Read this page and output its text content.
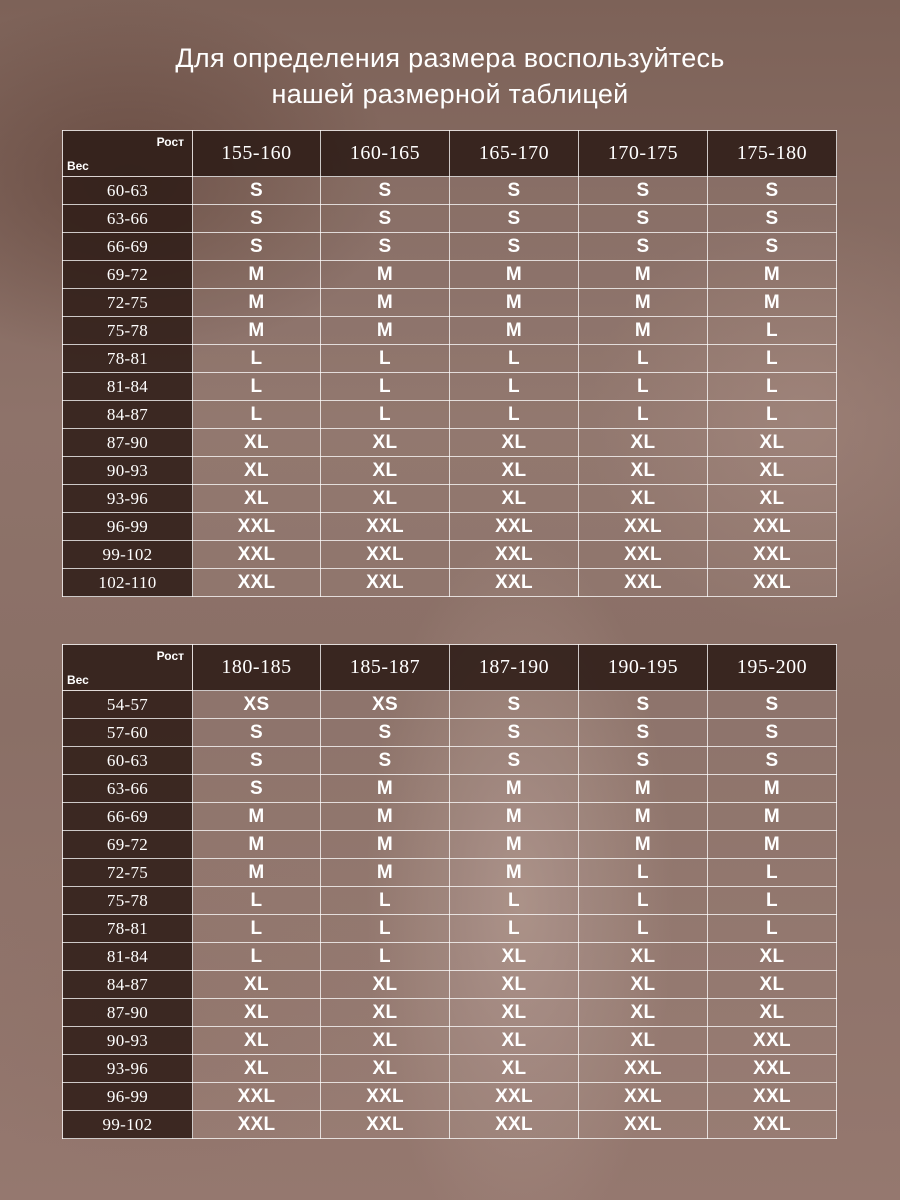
Для определения размера воспользуйтесь
нашей размерной таблицей
Рост
Вес	155-160	160-165	165-170	170-175	175-180
60-63	S	S	S	S	S
63-66	S	S	S	S	S
66-69	S	S	S	S	S
69-72	M	M	M	M	M
72-75	M	M	M	M	M
75-78	M	M	M	M	L
78-81	L	L	L	L	L
81-84	L	L	L	L	L
84-87	L	L	L	L	L
87-90	XL	XL	XL	XL	XL
90-93	XL	XL	XL	XL	XL
93-96	XL	XL	XL	XL	XL
96-99	XXL	XXL	XXL	XXL	XXL
99-102	XXL	XXL	XXL	XXL	XXL
102-110	XXL	XXL	XXL	XXL	XXL
Рост
Вес	180-185	185-187	187-190	190-195	195-200
54-57	XS	XS	S	S	S
57-60	S	S	S	S	S
60-63	S	S	S	S	S
63-66	S	M	M	M	M
66-69	M	M	M	M	M
69-72	M	M	M	M	M
72-75	M	M	M	L	L
75-78	L	L	L	L	L
78-81	L	L	L	L	L
81-84	L	L	XL	XL	XL
84-87	XL	XL	XL	XL	XL
87-90	XL	XL	XL	XL	XL
90-93	XL	XL	XL	XL	XXL
93-96	XL	XL	XL	XXL	XXL
96-99	XXL	XXL	XXL	XXL	XXL
99-102	XXL	XXL	XXL	XXL	XXL
